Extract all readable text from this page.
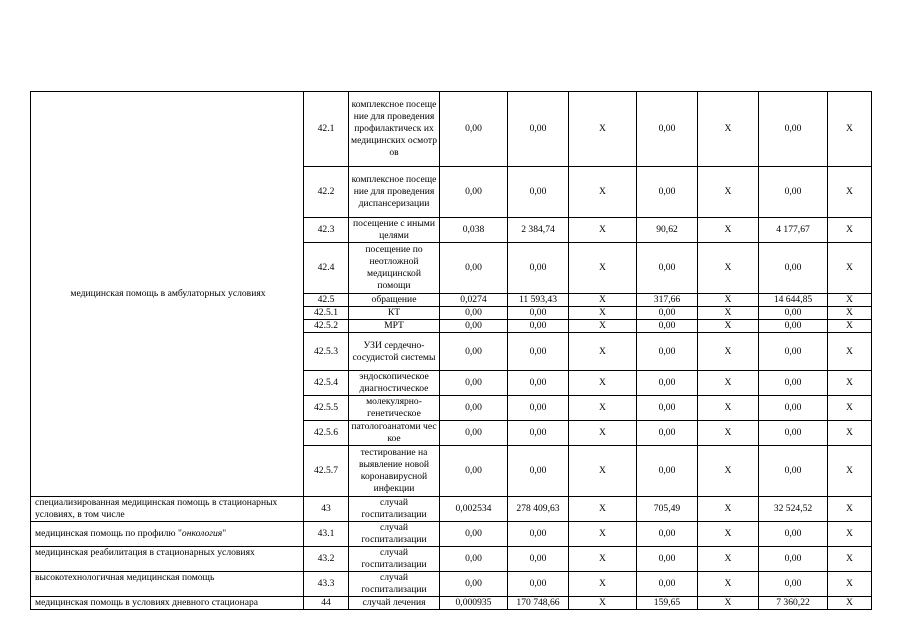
медицинская помощь в амбулаторных условиях	42.1	комплексное посещение для проведения профилактическ их медицинских осмотров	0,00	0,00	X	0,00	X	0,00	X
	42.2	комплексное посещение для проведения диспансеризации	0,00	0,00	X	0,00	X	0,00	X
	42.3	посещение с иными целями	0,038	2 384,74	X	90,62	X	4 177,67	X
	42.4	посещение по неотложной медицинской помощи	0,00	0,00	X	0,00	X	0,00	X
	42.5	обращение	0,0274	11 593,43	X	317,66	X	14 644,85	X
	42.5.1	КТ	0,00	0,00	X	0,00	X	0,00	X
	42.5.2	МРТ	0,00	0,00	X	0,00	X	0,00	X
	42.5.3	УЗИ сердечно-сосудистой системы	0,00	0,00	X	0,00	X	0,00	X
	42.5.4	эндоскопическое диагностическое	0,00	0,00	X	0,00	X	0,00	X
	42.5.5	молекулярно-генетическое	0,00	0,00	X	0,00	X	0,00	X
	42.5.6	патологоанатоми ческое	0,00	0,00	X	0,00	X	0,00	X
	42.5.7	тестирование на выявление новой коронавирусной инфекции	0,00	0,00	X	0,00	X	0,00	X
специализированная медицинская помощь в стационарных условиях, в том числе	43	случай госпитализации	0,002534	278 409,63	X	705,49	X	32 524,52	X
медицинская помощь по профилю "онкология"	43.1	случай госпитализации	0,00	0,00	X	0,00	X	0,00	X
медицинская реабилитация в стационарных условиях	43.2	случай госпитализации	0,00	0,00	X	0,00	X	0,00	X
высокотехнологичная медицинская помощь	43.3	случай госпитализации	0,00	0,00	X	0,00	X	0,00	X
медицинская помощь в условиях дневного стационара	44	случай лечения	0,000935	170 748,66	X	159,65	X	7 360,22	X
